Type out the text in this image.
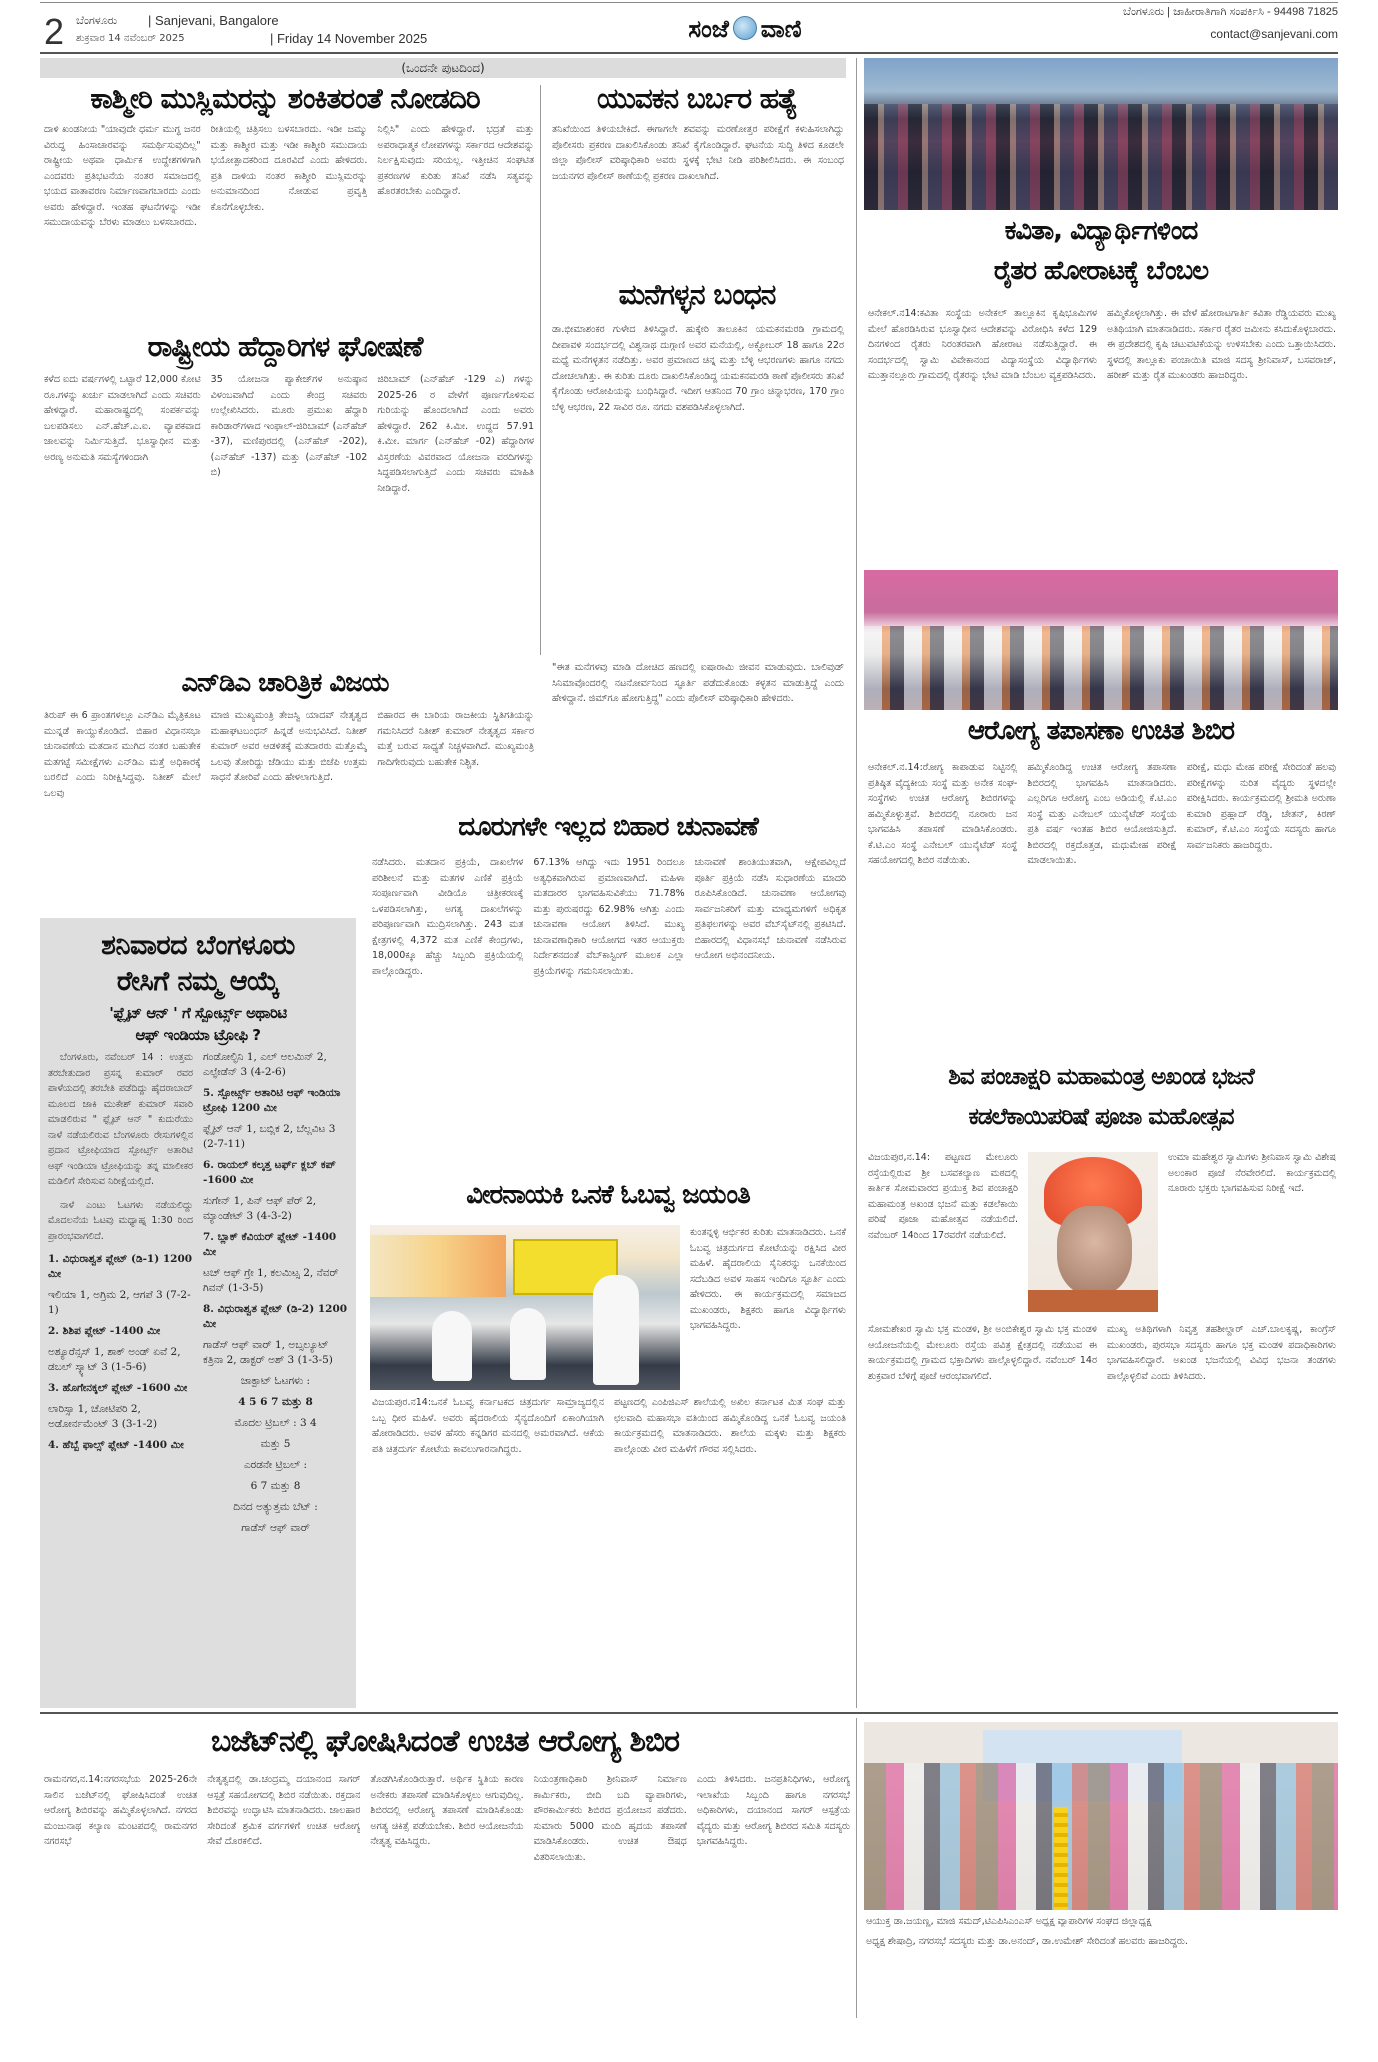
2 ಬೆಂಗಳೂರು
ಶುಕ್ರವಾರ 14 ನವೆಂಬರ್ 2025
| Sanjevani, Bangalore
| Friday 14 November 2025	ಸಂಜೆ ವಾಣಿ
ಬೆಂಗಳೂರು | ಜಾಹೀರಾತಿಗಾಗಿ ಸಂಪರ್ಕಿಸಿ - 94498 71825
contact@sanjevani.com
(ಒಂದನೇ ಪುಟದಿಂದ)
ಕಾಶ್ಮೀರಿ ಮುಸ್ಲಿಮರನ್ನು ಶಂಕಿತರಂತೆ ನೋಡದಿರಿ
ದಾಳಿ ಖಂಡನೀಯ "ಯಾವುದೇ ಧರ್ಮ ಮುಗ್ಧ ಜನರ ವಿರುದ್ಧ ಹಿಂಸಾಚಾರವನ್ನು ಸಮರ್ಥಿಸುವುದಿಲ್ಲ" ರಾಷ್ಟ್ರೀಯ ಅಥವಾ ಧಾರ್ಮಿಕ ಉದ್ದೇಶಗಳಿಗಾಗಿ ಎಂದವರು ಪ್ರತಿಭಟನೆಯ ನಂತರ ಸಮಾಜದಲ್ಲಿ ಭಯದ ವಾತಾವರಣ ನಿರ್ಮಾಣವಾಗಬಾರದು ಎಂದು ಅವರು ಹೇಳಿದ್ದಾರೆ. ಇಂತಹ ಘಟನೆಗಳನ್ನು ಇಡೀ ಸಮುದಾಯವನ್ನು ಬೆರಳು ಮಾಡಲು ಬಳಸಬಾರದು.
ರೀತಿಯಲ್ಲಿ ಚಿತ್ರಿಸಲು ಬಳಸಬಾರದು. ಇಡೀ ಜಮ್ಮು ಮತ್ತು ಕಾಶ್ಮೀರ ಮತ್ತು ಇಡೀ ಕಾಶ್ಮೀರಿ ಸಮುದಾಯ ಭಯೋತ್ಪಾದಕರಿಂದ ದೂರವಿದೆ ಎಂದು ಹೇಳಿದರು. ಪ್ರತಿ ದಾಳಿಯ ನಂತರ ಕಾಶ್ಮೀರಿ ಮುಸ್ಲಿಮರನ್ನು ಅನುಮಾನದಿಂದ ನೋಡುವ ಪ್ರವೃತ್ತಿ ಕೊನೆಗೊಳ್ಳಬೇಕು.
ನಿಲ್ಲಿಸಿ" ಎಂದು ಹೇಳಿದ್ದಾರೆ. ಭದ್ರತೆ ಮತ್ತು ಅಪರಾಧಾತ್ಮಕ ಲೋಪಗಳನ್ನು ಸರ್ಕಾರದ ಆದೇಶವನ್ನು ನಿರ್ಲಕ್ಷಿಸುವುದು ಸರಿಯಲ್ಲ. ಇತ್ತೀಚಿನ ಸಂಘಟಿತ ಪ್ರಕರಣಗಳ ಕುರಿತು ತನಿಖೆ ನಡೆಸಿ ಸತ್ಯವನ್ನು ಹೊರತರಬೇಕು ಎಂದಿದ್ದಾರೆ.
ರಾಷ್ಟ್ರೀಯ ಹೆದ್ದಾರಿಗಳ ಘೋಷಣೆ
ಕಳೆದ ಐದು ವರ್ಷಗಳಲ್ಲಿ ಒಟ್ಟಾರೆ 12,000 ಕೋಟಿ ರೂ.ಗಳನ್ನು ಖರ್ಚು ಮಾಡಲಾಗಿದೆ ಎಂದು ಸಚಿವರು ಹೇಳಿದ್ದಾರೆ. ಮಹಾರಾಷ್ಟ್ರದಲ್ಲಿ ಸಂಪರ್ಕವನ್ನು ಬಲಪಡಿಸಲು ಎನ್.ಹೆಚ್.ಎ.ಐ. ವ್ಯಾಪಕವಾದ ಜಾಲವನ್ನು ನಿರ್ಮಿಸುತ್ತಿದೆ. ಭೂಸ್ವಾಧೀನ ಮತ್ತು ಅರಣ್ಯ ಅನುಮತಿ ಸಮಸ್ಯೆಗಳಿಂದಾಗಿ
35 ಯೋಜನಾ ಪ್ಯಾಕೇಜ್‌ಗಳ ಅನುಷ್ಠಾನ ವಿಳಂಬವಾಗಿದೆ ಎಂದು ಕೇಂದ್ರ ಸಚಿವರು ಉಲ್ಲೇಖಿಸಿದರು. ಮೂರು ಪ್ರಮುಖ ಹೆದ್ದಾರಿ ಕಾರಿಡಾರ್‌ಗಳಾದ ಇಂಫಾಲ್-ಜಿರಿಬಾಮ್ (ಎನ್‌ಹೆಚ್ -37), ಮಣಿಪುರದಲ್ಲಿ (ಎನ್‌ಹೆಚ್ -202), (ಎನ್‌ಹೆಚ್ -137) ಮತ್ತು (ಎನ್‌ಹೆಚ್ -102 ಬಿ)
ಜಿರಿಬಾಮ್ (ಎನ್‌ಹೆಚ್ -129 ಎ) ಗಳನ್ನು 2025-26 ರ ವೇಳೆಗೆ ಪೂರ್ಣಗೊಳಿಸುವ ಗುರಿಯನ್ನು ಹೊಂದಲಾಗಿದೆ ಎಂದು ಅವರು ಹೇಳಿದ್ದಾರೆ. 262 ಕಿ.ಮೀ. ಉದ್ದದ 57.91 ಕಿ.ಮೀ. ಮಾರ್ಗ (ಎನ್‌ಹೆಚ್ -02) ಹೆದ್ದಾರಿಗಳ ವಿಸ್ತರಣೆಯ ವಿವರವಾದ ಯೋಜನಾ ವರದಿಗಳನ್ನು ಸಿದ್ಧಪಡಿಸಲಾಗುತ್ತಿದೆ ಎಂದು ಸಚಿವರು ಮಾಹಿತಿ ನೀಡಿದ್ದಾರೆ.
ಯುವಕನ ಬರ್ಬರ ಹತ್ಯೆ
ತನಿಖೆಯಿಂದ ತಿಳಿಯಬೇಕಿದೆ. ಈಗಾಗಲೇ ಶವವನ್ನು ಮರಣೋತ್ತರ ಪರೀಕ್ಷೆಗೆ ಕಳುಹಿಸಲಾಗಿದ್ದು ಪೊಲೀಸರು ಪ್ರಕರಣ ದಾಖಲಿಸಿಕೊಂಡು ತನಿಖೆ ಕೈಗೊಂಡಿದ್ದಾರೆ. ಘಟನೆಯ ಸುದ್ದಿ ತಿಳಿದ ಕೂಡಲೇ ಜಿಲ್ಲಾ ಪೊಲೀಸ್ ವರಿಷ್ಠಾಧಿಕಾರಿ ಅವರು ಸ್ಥಳಕ್ಕೆ ಭೇಟಿ ನೀಡಿ ಪರಿಶೀಲಿಸಿದರು. ಈ ಸಂಬಂಧ ಜಯನಗರ ಪೊಲೀಸ್ ಠಾಣೆಯಲ್ಲಿ ಪ್ರಕರಣ ದಾಖಲಾಗಿದೆ.
ಮನೆಗಳ್ಳನ ಬಂಧನ
ಡಾ.ಭೀಮಾಶಂಕರ ಗುಳೇದ ತಿಳಿಸಿದ್ದಾರೆ. ಹುಕ್ಕೇರಿ ತಾಲೂಕಿನ ಯಮಕನಮರಡಿ ಗ್ರಾಮದಲ್ಲಿ ದೀಪಾವಳಿ ಸಂದರ್ಭದಲ್ಲಿ ವಿಶ್ವನಾಥ ದುಗ್ಗಾಣಿ ಅವರ ಮನೆಯಲ್ಲಿ, ಅಕ್ಟೋಬರ್ 18 ಹಾಗೂ 22ರ ಮಧ್ಯೆ ಮನೆಗಳ್ಳತನ ನಡೆದಿತ್ತು. ಅವರ ಪ್ರಮಾಣದ ಚಿನ್ನ ಮತ್ತು ಬೆಳ್ಳಿ ಆಭರಣಗಳು ಹಾಗೂ ನಗದು ದೋಚಲಾಗಿತ್ತು. ಈ ಕುರಿತು ದೂರು ದಾಖಲಿಸಿಕೊಂಡಿದ್ದ ಯಮಕನಮರಡಿ ಠಾಣೆ ಪೊಲೀಸರು ತನಿಖೆ ಕೈಗೊಂಡು ಆರೋಪಿಯನ್ನು ಬಂಧಿಸಿದ್ದಾರೆ. ಇದೀಗ ಆತನಿಂದ 70 ಗ್ರಾಂ ಚಿನ್ನಾಭರಣ, 170 ಗ್ರಾಂ ಬೆಳ್ಳಿ ಆಭರಣ, 22 ಸಾವಿರ ರೂ. ನಗದು ವಶಪಡಿಸಿಕೊಳ್ಳಲಾಗಿದೆ.
"ಈತ ಮನೆಗಳವು ಮಾಡಿ ದೋಚಿದ ಹಣದಲ್ಲಿ ಐಷಾರಾಮಿ ಜೀವನ ಮಾಡುವುದು. ಬಾಲಿವುಡ್ ಸಿನಿಮಾವೊಂದರಲ್ಲಿ ನಟನೋರ್ವನಿಂದ ಸ್ಫೂರ್ತಿ ಪಡೆದುಕೊಂಡು ಕಳ್ಳತನ ಮಾಡುತ್ತಿದ್ದೆ ಎಂದು ಹೇಳಿದ್ದಾನೆ. ಜಿಮ್‌ಗೂ ಹೋಗುತ್ತಿದ್ದ" ಎಂದು ಪೊಲೀಸ್ ವರಿಷ್ಠಾಧಿಕಾರಿ ಹೇಳಿದರು.
ಎನ್‌ಡಿಎ ಚಾರಿತ್ರಿಕ ವಿಜಯ
ತಿರುಪ್ ಈ 6 ಪ್ರಾಂತಗಳಲ್ಲೂ ಎನ್‌ಡಿಎ ಮೈತ್ರಿಕೂಟ ಮುನ್ನಡೆ ಕಾಯ್ದುಕೊಂಡಿದೆ. ಬಿಹಾರ ವಿಧಾನಸಭಾ ಚುನಾವಣೆಯ ಮತದಾನ ಮುಗಿದ ನಂತರ ಬಹುತೇಕ ಮತಗಟ್ಟೆ ಸಮೀಕ್ಷೆಗಳು ಎನ್‌ಡಿಎ ಮತ್ತೆ ಅಧಿಕಾರಕ್ಕೆ ಬರಲಿದೆ ಎಂದು ನಿರೀಕ್ಷಿಸಿದ್ದವು. ನಿತೀಶ್ ಮೇಲೆ ಒಲವು
ಮಾಜಿ ಮುಖ್ಯಮಂತ್ರಿ ತೇಜಸ್ವಿ ಯಾದವ್ ನೇತೃತ್ವದ ಮಹಾಘಟಬಂಧನ್ ಹಿನ್ನಡೆ ಅನುಭವಿಸಿದೆ. ನಿತೀಶ್ ಕುಮಾರ್ ಅವರ ಆಡಳಿತಕ್ಕೆ ಮತದಾರರು ಮತ್ತೊಮ್ಮೆ ಒಲವು ತೋರಿದ್ದು ಜೆಡಿಯು ಮತ್ತು ಬಿಜೆಪಿ ಉತ್ತಮ ಸಾಧನೆ ತೋರಿವೆ ಎಂದು ಹೇಳಲಾಗುತ್ತಿದೆ.
ಬಿಹಾರದ ಈ ಬಾರಿಯ ರಾಜಕೀಯ ಸ್ಥಿತಿಗತಿಯನ್ನು ಗಮನಿಸಿದರೆ ನಿತೀಶ್ ಕುಮಾರ್ ನೇತೃತ್ವದ ಸರ್ಕಾರ ಮತ್ತೆ ಬರುವ ಸಾಧ್ಯತೆ ನಿಚ್ಚಳವಾಗಿದೆ. ಮುಖ್ಯಮಂತ್ರಿ ಗಾದಿಗೇರುವುದು ಬಹುತೇಕ ನಿಶ್ಚಿತ.
ದೂರುಗಳೇ ಇಲ್ಲದ ಬಿಹಾರ ಚುನಾವಣೆ
ನಡೆಸಿದರು. ಮತದಾನ ಪ್ರಕ್ರಿಯೆ, ದಾಖಲೆಗಳ ಪರಿಶೀಲನೆ ಮತ್ತು ಮತಗಳ ಎಣಿಕೆ ಪ್ರಕ್ರಿಯೆ ಸಂಪೂರ್ಣವಾಗಿ ವೀಡಿಯೊ ಚಿತ್ರೀಕರಣಕ್ಕೆ ಒಳಪಡಿಸಲಾಗಿತ್ತು, ಅಗತ್ಯ ದಾಖಲೆಗಳನ್ನು ಪರಿಪೂರ್ಣವಾಗಿ ಮುದ್ರಿಸಲಾಗಿತ್ತು. 243 ಮತ ಕ್ಷೇತ್ರಗಳಲ್ಲಿ 4,372 ಮತ ಎಣಿಕೆ ಕೇಂದ್ರಗಳು, 18,000ಕ್ಕೂ ಹೆಚ್ಚು ಸಿಬ್ಬಂದಿ ಪ್ರಕ್ರಿಯೆಯಲ್ಲಿ ಪಾಲ್ಗೊಂಡಿದ್ದರು.
67.13% ಆಗಿದ್ದು ಇದು 1951 ರಿಂದಲೂ ಅತ್ಯಧಿಕವಾಗಿರುವ ಪ್ರಮಾಣವಾಗಿದೆ. ಮಹಿಳಾ ಮತದಾರರ ಭಾಗವಹಿಸುವಿಕೆಯು 71.78% ಮತ್ತು ಪುರುಷರದ್ದು 62.98% ಆಗಿತ್ತು ಎಂದು ಚುನಾವಣಾ ಆಯೋಗ ತಿಳಿಸಿದೆ. ಮುಖ್ಯ ಚುನಾವಣಾಧಿಕಾರಿ ಆಯೋಗದ ಇತರ ಆಯುಕ್ತರು ನಿರ್ದೇಶನದಂತೆ ವೆಬ್‌ಕಾಸ್ಟಿಂಗ್ ಮೂಲಕ ಎಲ್ಲಾ ಪ್ರಕ್ರಿಯೆಗಳನ್ನು ಗಮನಿಸಲಾಯಿತು.
ಚುನಾವಣೆ ಶಾಂತಿಯುತವಾಗಿ, ಆಕ್ಷೇಪವಿಲ್ಲದೆ ಪೂರ್ತಿ ಪ್ರಕ್ರಿಯೆ ನಡೆಸಿ ಸುಧಾರಣೆಯ ಮಾದರಿ ರೂಪಿಸಿಕೊಂಡಿದೆ. ಚುನಾವಣಾ ಆಯೋಗವು ಸಾರ್ವಜನಿಕರಿಗೆ ಮತ್ತು ಮಾಧ್ಯಮಗಳಿಗೆ ಅಧಿಕೃತ ಪ್ರತಿಫಲಗಳನ್ನು ಅವರ ವೆಬ್‌ಸೈಟ್‌ನಲ್ಲಿ ಪ್ರಕಟಿಸಿದೆ. ಬಿಹಾರದಲ್ಲಿ ವಿಧಾನಸಭೆ ಚುನಾವಣೆ ನಡೆಸಿರುವ ಆಯೋಗ ಅಭಿನಂದನೀಯ.
ಶನಿವಾರದ ಬೆಂಗಳೂರು
ರೇಸಿಗೆ ನಮ್ಮ ಆಯ್ಕೆ
'ಫ್ಲೈಟ್ ಆನ್ ' ಗೆ ಸ್ಪೋರ್ಟ್ಸ್ ಅಥಾರಿಟಿ
ಆಫ್ ಇಂಡಿಯಾ ಟ್ರೋಫಿ ?
ಬೆಂಗಳೂರು, ನವೆಂಬರ್ 14 : ಉತ್ತಮ ತರಬೇತುದಾರ ಪ್ರಸನ್ನ ಕುಮಾರ್ ರವರ ಪಾಳೆಯದಲ್ಲಿ ತರಬೇತಿ ಪಡೆದಿದ್ದು ಹೈದರಾಬಾದ್ ಮೂಲದ ಜಾಕಿ ಮುಕೇಶ್ ಕುಮಾರ್ ಸವಾರಿ ಮಾಡಲಿರುವ " ಫ್ಲೈಟ್ ಆನ್ " ಕುದುರೆಯು ನಾಳೆ ನಡೆಯಲಿರುವ ಬೆಂಗಳೂರು ರೇಸುಗಳಲ್ಲಿನ ಪ್ರದಾನ ಟ್ರೋಫಿಯಾದ ಸ್ಪೋರ್ಟ್ಸ್ ಅತಾರಿಟಿ ಆಫ್ ಇಂಡಿಯಾ ಟ್ರೋಫಿಯನ್ನು ತನ್ನ ಮಾಲೀಕರ ಮಡಿಲಿಗೆ ಸೇರಿಸುವ ನಿರೀಕ್ಷೆಯಲ್ಲಿದೆ.
ನಾಳೆ ಎಂಟು ಓಟಗಳು ನಡೆಯಲಿದ್ದು ಮೊದಲನೆಯ ಓಟವು ಮಧ್ಯಾಹ್ನ 1:30 ರಿಂದ ಪ್ರಾರಂಭವಾಗಲಿದೆ.
1. ವಿಧುರಾಶ್ವತ ಪ್ಲೇಟ್ (ಡಿ-1) 1200 ಮೀ
ಇಲಿಯಾ 1, ಅಗ್ರಿಮ 2, ಆಗಪೆ 3 (7-2-1)
2. ಶಿಶಿಪ ಪ್ಲೇಟ್ -1400 ಮೀ
ಅಶ್ಯೂರೆನ್ಸಸ್ 1, ಶಾಕ್ ಅಂಡ್ ಏವೆ 2, ಡಬಲ್ ಸ್ಕ್ಯಾಟ್ 3 (1-5-6)
3. ಹೊಗೇನಕ್ಕಲ್ ಪ್ಲೇಟ್ -1600 ಮೀ
ಲಾರಿಸ್ಸಾ 1, ಚೋಟಿಪರಿ 2, ಅಡೋರ್ನಮೆಂಟ್ 3 (3-1-2)
4. ಹೆಬ್ಬೆ ಫಾಲ್ಸ್ ಪ್ಲೇಟ್ -1400 ಮೀ
ಗಂಡೋಲ್ಫಿನಿ 1, ಎಲ್ ಅಲಮಿನ್ 2, ಎಲ್ಫೇಡೆನ್ 3 (4-2-6)
5. ಸ್ಪೋರ್ಟ್ಸ್ ಅತಾರಿಟಿ ಆಫ್ ಇಂಡಿಯಾ ಟ್ರೋಫಿ 1200 ಮೀ
ಫ್ಲೈಟ್ ಆನ್ 1, ಬಬ್ಲಿಕ 2, ಬೆಲ್ಲವಿಟ 3 (2-7-11)
6. ರಾಯಲ್ ಕಲ್ಕತ್ತ ಟರ್ಫ್ ಕ್ಲಬ್ ಕಪ್ -1600 ಮೀ
ಸುಗೇನ್ 1, ಪಿನ್ ಆಫ್ ಪೆರ್ 2, ಮ್ಯಾಂಡೇಟ್ 3 (4-3-2)
7. ಬ್ಲಾಕ್ ಕೆವಿಯರ್ ಪ್ಲೇಟ್ -1400 ಮೀ
ಟಚ್ ಆಫ್ ಗ್ರೇ 1, ಕಲಮಿಟ್ಸ 2, ನೆವರ್ ಗಿವನ್ (1-3-5)
8. ವಿಧುರಾಶ್ವತ ಪ್ಲೇಟ್ (ಡಿ-2) 1200 ಮೀ
ಗಾಡೆಸ್ ಆಫ್ ವಾರ್ 1, ಅಬ್ಸಲ್ಯೂಟ್ ಕತ್ರಿನಾ 2, ಡಾಕ್ಟರ್ ಅಶ್ 3 (1-3-5)
ಜಾಕ್ಪಾಟ್ ಓಟಗಳು :
4 5 6 7 ಮತ್ತು 8
ಮೊದಲ ಟ್ರಿಬಲ್ : 3 4
ಮತ್ತು 5
ಎರಡನೇ ಟ್ರಿಬಲ್ :
6 7 ಮತ್ತು 8
ದಿನದ ಅತ್ಯುತ್ತಮ ಬೆಟ್ :
ಗಾಡೆಸ್ ಆಫ್ ವಾರ್
ವೀರನಾಯಕಿ ಒನಕೆ ಓಬವ್ವ ಜಯಂತಿ
ಕುಂತನ್ನಳ್ಳಿ ಆರ್ಭಿಕರ ಕುರಿತು ಮಾತನಾಡಿದರು. ಒನಕೆ ಓಬವ್ವ ಚಿತ್ರದುರ್ಗದ ಕೋಟೆಯನ್ನು ರಕ್ಷಿಸಿದ ವೀರ ಮಹಿಳೆ. ಹೈದರಾಲಿಯ ಸೈನಿಕರನ್ನು ಒನಕೆಯಿಂದ ಸದೆಬಡಿದ ಅವಳ ಸಾಹಸ ಇಂದಿಗೂ ಸ್ಫೂರ್ತಿ ಎಂದು ಹೇಳಿದರು. ಈ ಕಾರ್ಯಕ್ರಮದಲ್ಲಿ ಸಮಾಜದ ಮುಖಂಡರು, ಶಿಕ್ಷಕರು ಹಾಗೂ ವಿದ್ಯಾರ್ಥಿಗಳು ಭಾಗವಹಿಸಿದ್ದರು.
ವಿಜಯಪುರ.ನ14:ಒನಕೆ ಓಬವ್ವ ಕರ್ನಾಟಕದ ಚಿತ್ರದುರ್ಗ ಸಾಮ್ರಾಜ್ಯದಲ್ಲಿನ ಒಬ್ಬ ಧೀರ ಮಹಿಳೆ. ಅವರು ಹೈದರಾಲಿಯ ಸೈನ್ಯದೊಂದಿಗೆ ಏಕಾಂಗಿಯಾಗಿ ಹೋರಾಡಿದರು. ಅವಳ ಹೆಸರು ಕನ್ನಡಿಗರ ಮನದಲ್ಲಿ ಅಮರವಾಗಿದೆ. ಆಕೆಯ ಪತಿ ಚಿತ್ರದುರ್ಗ ಕೋಟೆಯ ಕಾವಲುಗಾರನಾಗಿದ್ದರು.
ಪಟ್ಟಣದಲ್ಲಿ ಎಂಪಿಜಿಎಸ್ ಶಾಲೆಯಲ್ಲಿ ಅಖಿಲ ಕರ್ನಾಟಕ ಮಿತ ಸಂಘ ಮತ್ತು ಛಲವಾದಿ ಮಹಾಸಭಾ ವತಿಯಿಂದ ಹಮ್ಮಿಕೊಂಡಿದ್ದ ಒನಕೆ ಓಬವ್ವ ಜಯಂತಿ ಕಾರ್ಯಕ್ರಮದಲ್ಲಿ ಮಾತನಾಡಿದರು. ಶಾಲೆಯ ಮಕ್ಕಳು ಮತ್ತು ಶಿಕ್ಷಕರು ಪಾಲ್ಗೊಂಡು ವೀರ ಮಹಿಳೆಗೆ ಗೌರವ ಸಲ್ಲಿಸಿದರು.
ಕವಿತಾ, ವಿದ್ಯಾರ್ಥಿಗಳಿಂದ
ರೈತರ ಹೋರಾಟಕ್ಕೆ ಬೆಂಬಲ
ಆನೇಕಲ್.ನ14:ಕವಿತಾ ಸಂಸ್ಥೆಯ ಅನೇಕಲ್ ತಾಲ್ಲೂಕಿನ ಕೃಷಿಭೂಮಿಗಳ ಮೇಲೆ ಹೊರಡಿಸಿರುವ ಭೂಸ್ವಾಧೀನ ಆದೇಶವನ್ನು ವಿರೋಧಿಸಿ ಕಳೆದ 129 ದಿನಗಳಿಂದ ರೈತರು ನಿರಂತರವಾಗಿ ಹೋರಾಟ ನಡೆಸುತ್ತಿದ್ದಾರೆ. ಈ ಸಂದರ್ಭದಲ್ಲಿ ಸ್ವಾಮಿ ವಿವೇಕಾನಂದ ವಿದ್ಯಾಸಂಸ್ಥೆಯ ವಿದ್ಯಾರ್ಥಿಗಳು ಮುತ್ತಾನಲ್ಲೂರು ಗ್ರಾಮದಲ್ಲಿ ರೈತರನ್ನು ಭೇಟಿ ಮಾಡಿ ಬೆಂಬಲ ವ್ಯಕ್ತಪಡಿಸಿದರು.
ಹಮ್ಮಿಕೊಳ್ಳಲಾಗಿತ್ತು. ಈ ವೇಳೆ ಹೋರಾಟಗಾರ್ತಿ ಕವಿತಾ ರೆಡ್ಡಿಯವರು ಮುಖ್ಯ ಅತಿಥಿಯಾಗಿ ಮಾತನಾಡಿದರು. ಸರ್ಕಾರ ರೈತರ ಜಮೀನು ಕಸಿದುಕೊಳ್ಳಬಾರದು. ಈ ಪ್ರದೇಶದಲ್ಲಿ ಕೃಷಿ ಚಟುವಟಿಕೆಯನ್ನು ಉಳಿಸಬೇಕು ಎಂದು ಒತ್ತಾಯಿಸಿದರು. ಸ್ಥಳದಲ್ಲಿ ತಾಲ್ಲೂಕು ಪಂಚಾಯಿತಿ ಮಾಜಿ ಸದಸ್ಯ ಶ್ರೀನಿವಾಸ್, ಬಸವರಾಜ್, ಹರೀಶ್ ಮತ್ತು ರೈತ ಮುಖಂಡರು ಹಾಜರಿದ್ದರು.
ಆರೋಗ್ಯ ತಪಾಸಣಾ ಉಚಿತ ಶಿಬಿರ
ಆನೇಕಲ್.ನ.14:ರೋಗ್ಯ ಕಾಪಾಡುವ ನಿಟ್ಟಿನಲ್ಲಿ ಪ್ರತಿಷ್ಠಿತ ವೈದ್ಯಕೀಯ ಸಂಸ್ಥೆ ಮತ್ತು ಅನೇಕ ಸಂಘ-ಸಂಸ್ಥೆಗಳು ಉಚಿತ ಆರೋಗ್ಯ ಶಿಬಿರಗಳನ್ನು ಹಮ್ಮಿಕೊಳ್ಳುತ್ತವೆ. ಶಿಬಿರದಲ್ಲಿ ನೂರಾರು ಜನ ಭಾಗವಹಿಸಿ ತಪಾಸಣೆ ಮಾಡಿಸಿಕೊಂಡರು. ಕೆ.ಟಿ.ಎಂ ಸಂಸ್ಥೆ ಎನೇಬಲ್ ಯುನೈಟೆಡ್ ಸಂಸ್ಥೆ ಸಹಯೋಗದಲ್ಲಿ ಶಿಬಿರ ನಡೆಯಿತು.
ಹಮ್ಮಿಕೊಂಡಿದ್ದ ಉಚಿತ ಆರೋಗ್ಯ ತಪಾಸಣಾ ಶಿಬಿರದಲ್ಲಿ ಭಾಗವಹಿಸಿ ಮಾತನಾಡಿದರು. ಎಲ್ಲರಿಗೂ ಆರೋಗ್ಯ ಎಂಬ ಅಡಿಯಲ್ಲಿ ಕೆ.ಟಿ.ಎಂ ಸಂಸ್ಥೆ ಮತ್ತು ಎನೇಬಲ್ ಯುನೈಟೆಡ್ ಸಂಸ್ಥೆಯ ಪ್ರತಿ ವರ್ಷ ಇಂತಹ ಶಿಬಿರ ಆಯೋಜಿಸುತ್ತಿದೆ. ಶಿಬಿರದಲ್ಲಿ ರಕ್ತದೊತ್ತಡ, ಮಧುಮೇಹ ಪರೀಕ್ಷೆ ಮಾಡಲಾಯಿತು.
ಪರೀಕ್ಷೆ, ಮಧು ಮೇಹ ಪರೀಕ್ಷೆ ಸೇರಿದಂತೆ ಹಲವು ಪರೀಕ್ಷೆಗಳನ್ನು ನುರಿತ ವೈದ್ಯರು ಸ್ಥಳದಲ್ಲೇ ಪರೀಕ್ಷಿಸಿದರು. ಕಾರ್ಯಕ್ರಮದಲ್ಲಿ ಶ್ರೀಮತಿ ಅರುಣಾ ಕುಮಾರಿ ಪ್ರಹ್ಲಾದ್ ರೆಡ್ಡಿ, ಚೇತನ್, ಕಿರಣ್ ಕುಮಾರ್, ಕೆ.ಟಿ.ಎಂ ಸಂಸ್ಥೆಯ ಸದಸ್ಯರು ಹಾಗೂ ಸಾರ್ವಜನಿಕರು ಹಾಜರಿದ್ದರು.
ಶಿವ ಪಂಚಾಕ್ಷರಿ ಮಹಾಮಂತ್ರ ಅಖಂಡ ಭಜನೆ
ಕಡಲೆಕಾಯಿಪರಿಷೆ ಪೂಜಾ ಮಹೋತ್ಸವ
ವಿಜಯಪುರ,ನ.14: ಪಟ್ಟಣದ ಮೇಲೂರು ರಸ್ತೆಯಲ್ಲಿರುವ ಶ್ರೀ ಬಸವಕಲ್ಯಾಣ ಮಠದಲ್ಲಿ ಕಾರ್ತಿಕ ಸೋಮವಾರದ ಪ್ರಯುಕ್ತ ಶಿವ ಪಂಚಾಕ್ಷರಿ ಮಹಾಮಂತ್ರ ಅಖಂಡ ಭಜನೆ ಮತ್ತು ಕಡಲೆಕಾಯಿ ಪರಿಷೆ ಪೂಜಾ ಮಹೋತ್ಸವ ನಡೆಯಲಿದೆ. ನವೆಂಬರ್ 14ರಿಂದ 17ರವರೆಗೆ ನಡೆಯಲಿದೆ.
ಉಮಾ ಮಹೇಶ್ವರ ಸ್ವಾಮಿಗಳು ಶ್ರೀನಿವಾಸ ಸ್ವಾಮಿ ವಿಶೇಷ ಅಲಂಕಾರ ಪೂಜೆ ನೆರವೇರಲಿದೆ. ಕಾರ್ಯಕ್ರಮದಲ್ಲಿ ನೂರಾರು ಭಕ್ತರು ಭಾಗವಹಿಸುವ ನಿರೀಕ್ಷೆ ಇದೆ.
ಸೋಮಶೇಖರ ಸ್ವಾಮಿ ಭಕ್ತ ಮಂಡಳಿ, ಶ್ರೀ ಅಂಬಿಕೇಶ್ವರ ಸ್ವಾಮಿ ಭಕ್ತ ಮಂಡಳಿ ಆಯೋಜನೆಯಲ್ಲಿ ಮೇಲೂರು ರಸ್ತೆಯ ಪವಿತ್ರ ಕ್ಷೇತ್ರದಲ್ಲಿ ನಡೆಯುವ ಈ ಕಾರ್ಯಕ್ರಮದಲ್ಲಿ ಗ್ರಾಮದ ಭಕ್ತಾದಿಗಳು ಪಾಲ್ಗೊಳ್ಳಲಿದ್ದಾರೆ. ನವೆಂಬರ್ 14ರ ಶುಕ್ರವಾರ ಬೆಳಿಗ್ಗೆ ಪೂಜೆ ಆರಂಭವಾಗಲಿದೆ.
ಮುಖ್ಯ ಅತಿಥಿಗಳಾಗಿ ನಿವೃತ್ತ ತಹಶೀಲ್ದಾರ್ ಎಚ್.ಬಾಲಕೃಷ್ಣ, ಕಾಂಗ್ರೆಸ್ ಮುಖಂಡರು, ಪುರಸಭಾ ಸದಸ್ಯರು ಹಾಗೂ ಭಕ್ತ ಮಂಡಳಿ ಪದಾಧಿಕಾರಿಗಳು ಭಾಗವಹಿಸಲಿದ್ದಾರೆ. ಅಖಂಡ ಭಜನೆಯಲ್ಲಿ ವಿವಿಧ ಭಜನಾ ತಂಡಗಳು ಪಾಲ್ಗೊಳ್ಳಲಿವೆ ಎಂದು ತಿಳಿಸಿದರು.
ಬಜೆಟ್‌ನಲ್ಲಿ ಘೋಷಿಸಿದಂತೆ ಉಚಿತ ಆರೋಗ್ಯ ಶಿಬಿರ
ರಾಮನಗರ,ನ.14:ನಗರಸಭೆಯ 2025-26ನೇ ಸಾಲಿನ ಬಜೆಟ್‌ನಲ್ಲಿ ಘೋಷಿಸಿದಂತೆ ಉಚಿತ ಆರೋಗ್ಯ ಶಿಬಿರವನ್ನು ಹಮ್ಮಿಕೊಳ್ಳಲಾಗಿದೆ. ನಗರದ ಮಂಜುನಾಥ ಕಲ್ಯಾಣ ಮಂಟಪದಲ್ಲಿ ರಾಮನಗರ ನಗರಸಭೆ
ನೇತೃತ್ವದಲ್ಲಿ ಡಾ.ಚಂದ್ರಮ್ಮ ದಯಾನಂದ ಸಾಗರ್ ಆಸ್ಪತ್ರೆ ಸಹಯೋಗದಲ್ಲಿ ಶಿಬಿರ ನಡೆಯಿತು. ರಕ್ತದಾನ ಶಿಬಿರವನ್ನು ಉದ್ಘಾಟಿಸಿ ಮಾತನಾಡಿದರು. ಜಾಲಹಾರ ಸೇರಿದಂತೆ ಶ್ರಮಿಕ ವರ್ಗಗಳಿಗೆ ಉಚಿತ ಆರೋಗ್ಯ ಸೇವೆ ದೊರಕಲಿದೆ.
ತೊಡಗಿಸಿಕೊಂಡಿರುತ್ತಾರೆ. ಅರ್ಥಿಕ ಸ್ಥಿತಿಯ ಕಾರಣ ಅನೇಕರು ತಪಾಸಣೆ ಮಾಡಿಸಿಕೊಳ್ಳಲು ಆಗುವುದಿಲ್ಲ. ಶಿಬಿರದಲ್ಲಿ ಆರೋಗ್ಯ ತಪಾಸಣೆ ಮಾಡಿಸಿಕೊಂಡು ಅಗತ್ಯ ಚಿಕಿತ್ಸೆ ಪಡೆಯಬೇಕು. ಶಿಬಿರ ಆಯೋಜನೆಯ ನೇತೃತ್ವ ವಹಿಸಿದ್ದರು.
ನಿಯಂತ್ರಣಾಧಿಕಾರಿ ಶ್ರೀನಿವಾಸ್ ನಿರ್ಮಾಣ ಕಾರ್ಮಿಕರು, ಬೀದಿ ಬದಿ ವ್ಯಾಪಾರಿಗಳು, ಪೌರಕಾರ್ಮಿಕರು ಶಿಬಿರದ ಪ್ರಯೋಜನ ಪಡೆದರು. ಸುಮಾರು 5000 ಮಂದಿ ಹೃದಯ ತಪಾಸಣೆ ಮಾಡಿಸಿಕೊಂಡರು. ಉಚಿತ ಔಷಧ ವಿತರಿಸಲಾಯಿತು.
ಎಂದು ತಿಳಿಸಿದರು. ಜನಪ್ರತಿನಿಧಿಗಳು, ಆರೋಗ್ಯ ಇಲಾಖೆಯ ಸಿಬ್ಬಂದಿ ಹಾಗೂ ನಗರಸಭೆ ಅಧಿಕಾರಿಗಳು, ದಯಾನಂದ ಸಾಗರ್ ಆಸ್ಪತ್ರೆಯ ವೈದ್ಯರು ಮತ್ತು ಆರೋಗ್ಯ ಶಿಬಿರದ ಸಮಿತಿ ಸದಸ್ಯರು ಭಾಗವಹಿಸಿದ್ದರು.
ಆಯುಕ್ತ ಡಾ.ಜಯಣ್ಣ, ಮಾಜಿ ಸಮದ್,ಟಿಎಪಿಸಿಎಂಎಸ್ ಅಧ್ಯಕ್ಷ ವ್ಯಾಪಾರಿಗಳ ಸಂಘದ ಜಿಲ್ಲಾಧ್ಯಕ್ಷ
ಅಧ್ಯಕ್ಷ ಶೇಷಾದ್ರಿ, ನಗರಸಭೆ ಸದಸ್ಯರು ಮತ್ತು ಡಾ.ಅನಂದ್, ಡಾ.ಉಮೇಶ್ ಸೇರಿದಂತೆ ಹಲವರು ಹಾಜರಿದ್ದರು.
